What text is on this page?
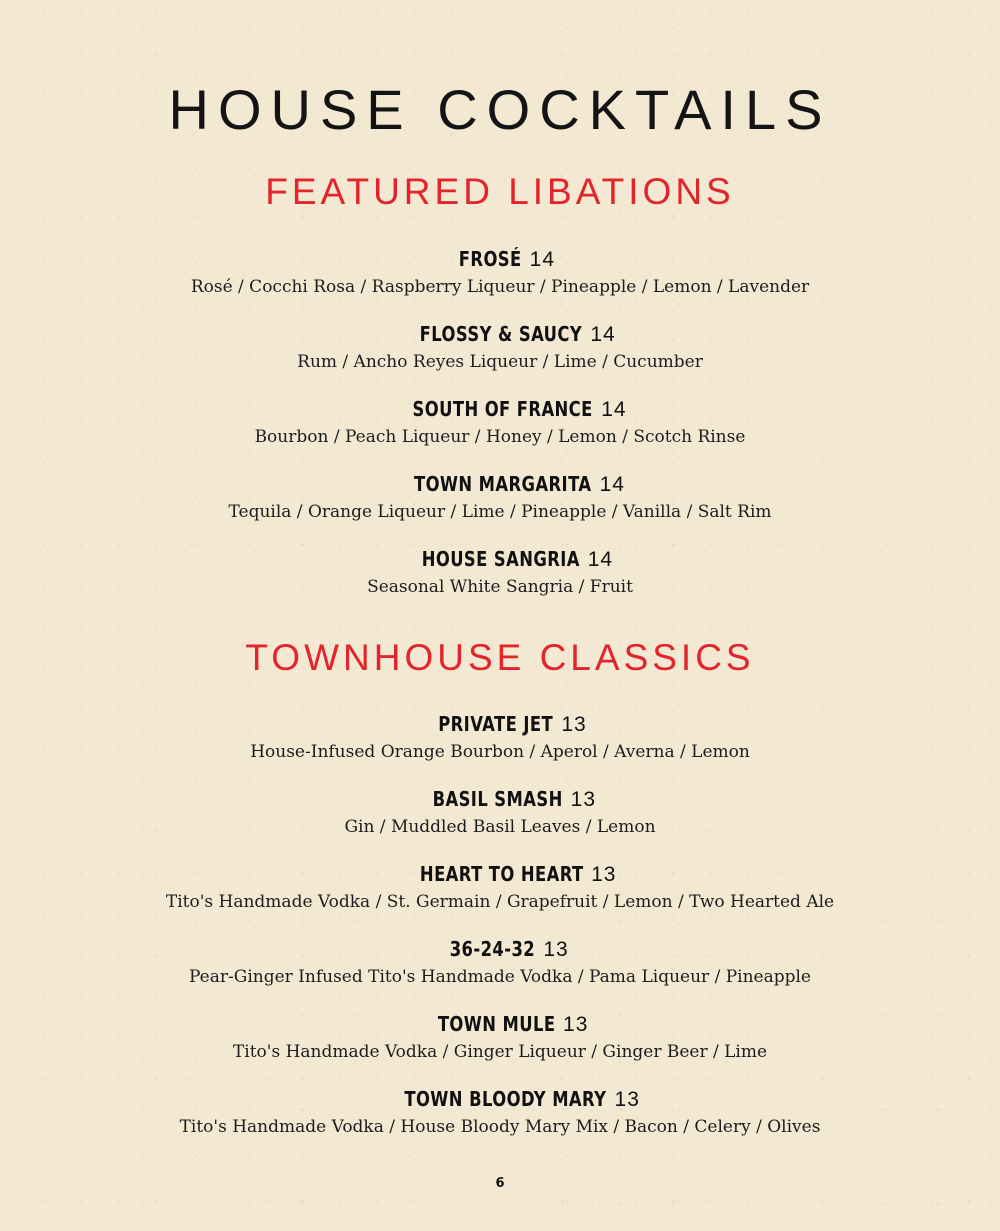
HOUSE COCKTAILS
FEATURED LIBATIONS
FROSÉ 14
Rosé / Cocchi Rosa / Raspberry Liqueur / Pineapple / Lemon / Lavender
FLOSSY & SAUCY 14
Rum / Ancho Reyes Liqueur / Lime / Cucumber
SOUTH OF FRANCE 14
Bourbon / Peach Liqueur / Honey / Lemon / Scotch Rinse
TOWN MARGARITA 14
Tequila / Orange Liqueur / Lime / Pineapple / Vanilla / Salt Rim
HOUSE SANGRIA 14
Seasonal White Sangria / Fruit
TOWNHOUSE CLASSICS
PRIVATE JET 13
House-Infused Orange Bourbon / Aperol / Averna / Lemon
BASIL SMASH 13
Gin / Muddled Basil Leaves / Lemon
HEART TO HEART 13
Tito's Handmade Vodka / St. Germain / Grapefruit / Lemon / Two Hearted Ale
36-24-32 13
Pear-Ginger Infused Tito's Handmade Vodka / Pama Liqueur / Pineapple
TOWN MULE 13
Tito's Handmade Vodka / Ginger Liqueur / Ginger Beer / Lime
TOWN BLOODY MARY 13
Tito's Handmade Vodka / House Bloody Mary Mix / Bacon / Celery / Olives
6
